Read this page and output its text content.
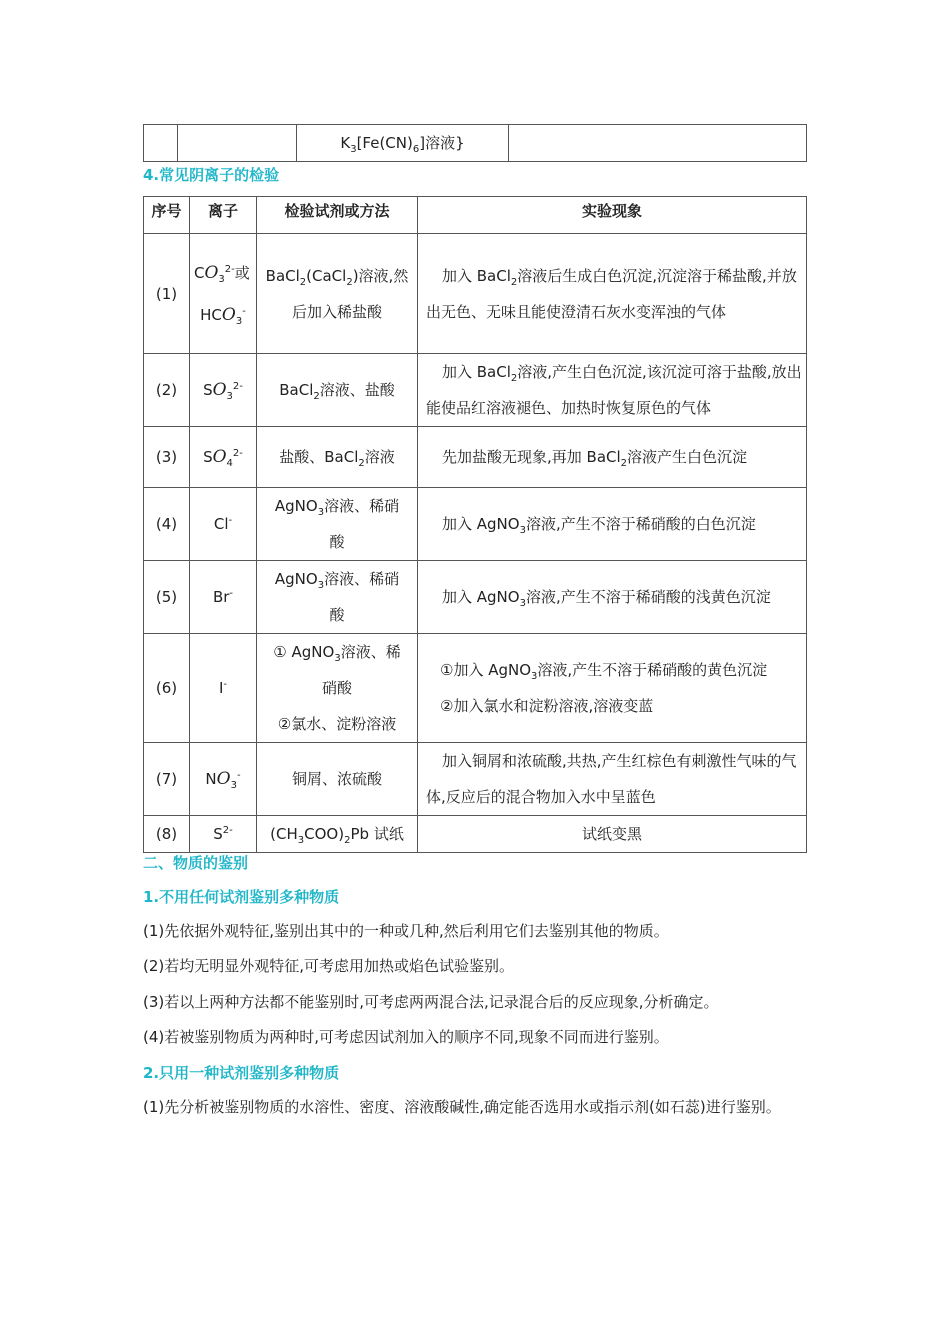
		$K_3[Fe(CN)_6]$溶液}	
4.常见阴离子的检验
序号	离子	检验试剂或方法	实验现象
(1)	$CO_3^{2-}$或
$HCO_3^-$	BaCl$_2$(CaCl$_2$)溶液,然后加入稀盐酸	加入 BaCl$_2$溶液后生成白色沉淀,沉淀溶于稀盐酸,并放出无色、无味且能使澄清石灰水变浑浊的气体

(2)	$SO_3^{2-}$	BaCl$_2$溶液、盐酸	加入 BaCl$_2$溶液,产生白色沉淀,该沉淀可溶于盐酸,放出能使品红溶液褪色、加热时恢复原色的气体

(3)	$SO_4^{2-}$	盐酸、BaCl$_2$溶液	先加盐酸无现象,再加 BaCl$_2$溶液产生白色沉淀

(4)	Cl-	AgNO$_3$溶液、稀硝
酸	加入 AgNO$_3$溶液,产生不溶于稀硝酸的白色沉淀

(5)	Br-	AgNO$_3$溶液、稀硝
酸	加入 AgNO$_3$溶液,产生不溶于稀硝酸的浅黄色沉淀

(6)	I-	① AgNO$_3$溶液、稀
硝酸
②氯水、淀粉溶液	①加入 AgNO$_3$溶液,产生不溶于稀硝酸的黄色沉淀
②加入氯水和淀粉溶液,溶液变蓝

(7)	$NO_3^-$	铜屑、浓硫酸	加入铜屑和浓硫酸,共热,产生红棕色有刺激性气味的气体,反应后的混合物加入水中呈蓝色

(8)	$S^{2-}$	$(CH_3COO)_2Pb$ 试纸	试纸变黑
二、物质的鉴别
1.不用任何试剂鉴别多种物质
(1)先依据外观特征,鉴别出其中的一种或几种,然后利用它们去鉴别其他的物质。
(2)若均无明显外观特征,可考虑用加热或焰色试验鉴别。
(3)若以上两种方法都不能鉴别时,可考虑两两混合法,记录混合后的反应现象,分析确定。
(4)若被鉴别物质为两种时,可考虑因试剂加入的顺序不同,现象不同而进行鉴别。
2.只用一种试剂鉴别多种物质
(1)先分析被鉴别物质的水溶性、密度、溶液酸碱性,确定能否选用水或指示剂(如石蕊)进行鉴别。
